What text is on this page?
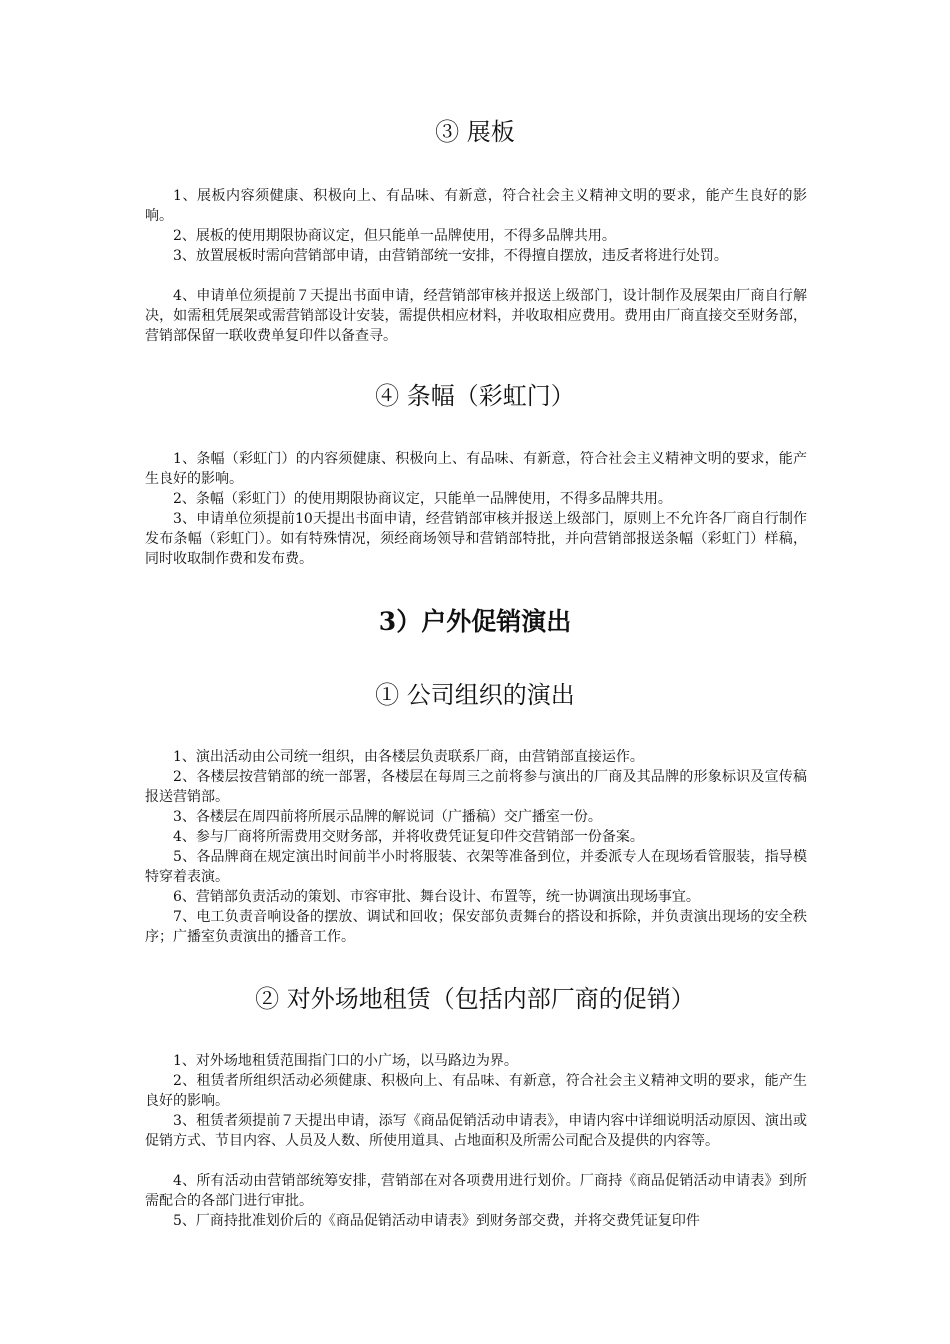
③ 展板

1、展板内容须健康、积极向上、有品味、有新意，符合社会主义精神文明的要求，能产生良好的影响。

2、展板的使用期限协商议定，但只能单一品牌使用，不得多品牌共用。

3、放置展板时需向营销部申请，由营销部统一安排，不得擅自摆放，违反者将进行处罚。

4、申请单位须提前７天提出书面申请，经营销部审核并报送上级部门，设计制作及展架由厂商自行解决，如需租凭展架或需营销部设计安装，需提供相应材料，并收取相应费用。费用由厂商直接交至财务部，营销部保留一联收费单复印件以备查寻。

④ 条幅（彩虹门）

1、条幅（彩虹门）的内容须健康、积极向上、有品味、有新意，符合社会主义精神文明的要求，能产生良好的影响。

2、条幅（彩虹门）的使用期限协商议定，只能单一品牌使用，不得多品牌共用。

3、申请单位须提前10天提出书面申请，经营销部审核并报送上级部门，原则上不允许各厂商自行制作发布条幅（彩虹门）。如有特殊情况，须经商场领导和营销部特批，并向营销部报送条幅（彩虹门）样稿，同时收取制作费和发布费。

3）户外促销演出
① 公司组织的演出

1、演出活动由公司统一组织，由各楼层负责联系厂商，由营销部直接运作。

2、各楼层按营销部的统一部署，各楼层在每周三之前将参与演出的厂商及其品牌的形象标识及宣传稿报送营销部。

3、各楼层在周四前将所展示品牌的解说词（广播稿）交广播室一份。

4、参与厂商将所需费用交财务部，并将收费凭证复印件交营销部一份备案。

5、各品牌商在规定演出时间前半小时将服装、衣架等准备到位，并委派专人在现场看管服装，指导模特穿着表演。

6、营销部负责活动的策划、市容审批、舞台设计、布置等，统一协调演出现场事宜。

7、电工负责音响设备的摆放、调试和回收；保安部负责舞台的搭设和拆除，并负责演出现场的安全秩序；广播室负责演出的播音工作。

② 对外场地租赁（包括内部厂商的促销）

1、对外场地租赁范围指门口的小广场，以马路边为界。

2、租赁者所组织活动必须健康、积极向上、有品味、有新意，符合社会主义精神文明的要求，能产生良好的影响。

3、租赁者须提前７天提出申请，添写《商品促销活动申请表》，申请内容中详细说明活动原因、演出或促销方式、节目内容、人员及人数、所使用道具、占地面积及所需公司配合及提供的内容等。

4、所有活动由营销部统筹安排，营销部在对各项费用进行划价。厂商持《商品促销活动申请表》到所需配合的各部门进行审批。

5、厂商持批准划价后的《商品促销活动申请表》到财务部交费，并将交费凭证复印件
